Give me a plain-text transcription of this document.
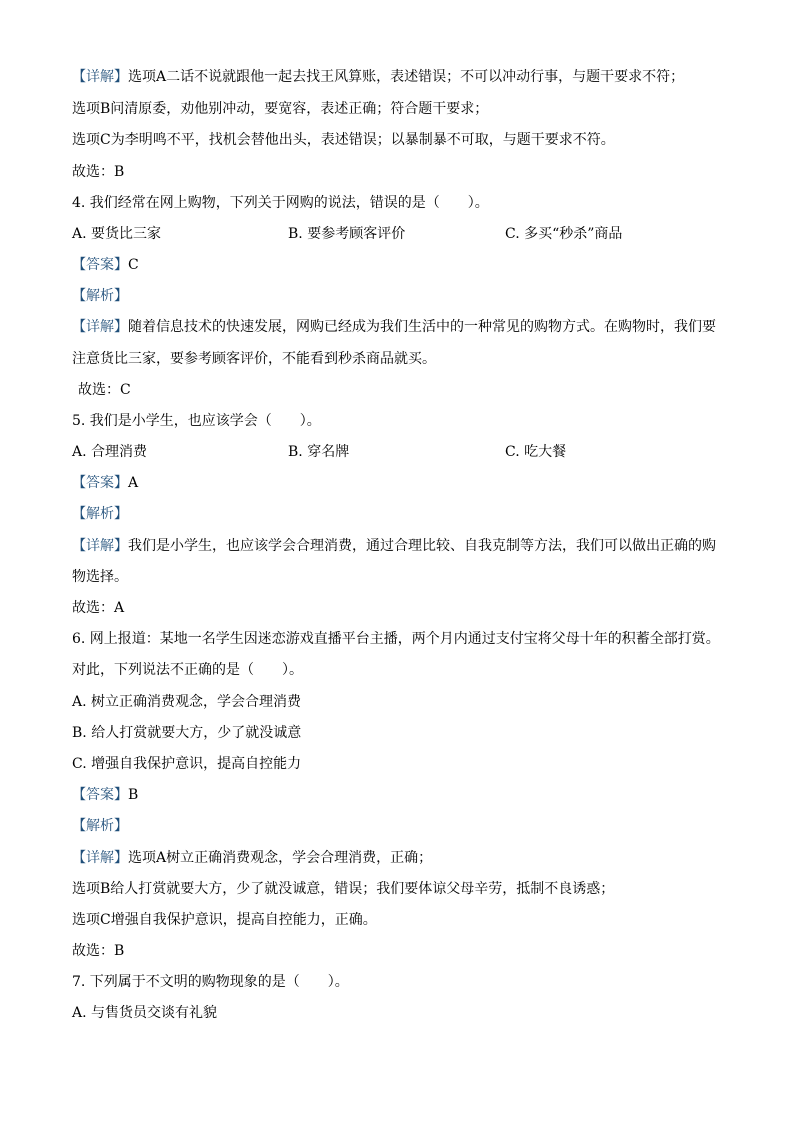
【详解】选项A二话不说就跟他一起去找王风算账，表述错误；不可以冲动行事，与题干要求不符；
选项B问清原委，劝他别冲动，要宽容，表述正确；符合题干要求；
选项C为李明鸣不平，找机会替他出头，表述错误；以暴制暴不可取，与题干要求不符。
故选：B
4. 我们经常在网上购物，下列关于网购的说法，错误的是（　　）。
A. 要货比三家	B. 要参考顾客评价	C. 多买“秒杀”商品
【答案】C
【解析】
【详解】随着信息技术的快速发展，网购已经成为我们生活中的一种常见的购物方式。在购物时，我们要
注意货比三家，要参考顾客评价，不能看到秒杀商品就买。
故选：C
5. 我们是小学生，也应该学会（　　）。
A. 合理消费	B. 穿名牌	C. 吃大餐
【答案】A
【解析】
【详解】我们是小学生，也应该学会合理消费，通过合理比较、自我克制等方法，我们可以做出正确的购
物选择。
故选：A
6. 网上报道：某地一名学生因迷恋游戏直播平台主播，两个月内通过支付宝将父母十年的积蓄全部打赏。
对此，下列说法不正确的是（　　）。
A. 树立正确消费观念，学会合理消费
B. 给人打赏就要大方，少了就没诚意
C. 增强自我保护意识，提高自控能力
【答案】B
【解析】
【详解】选项A树立正确消费观念，学会合理消费，正确；
选项B给人打赏就要大方，少了就没诚意，错误；我们要体谅父母辛劳，抵制不良诱惑；
选项C增强自我保护意识，提高自控能力，正确。
故选：B
7. 下列属于不文明的购物现象的是（　　）。
A. 与售货员交谈有礼貌
